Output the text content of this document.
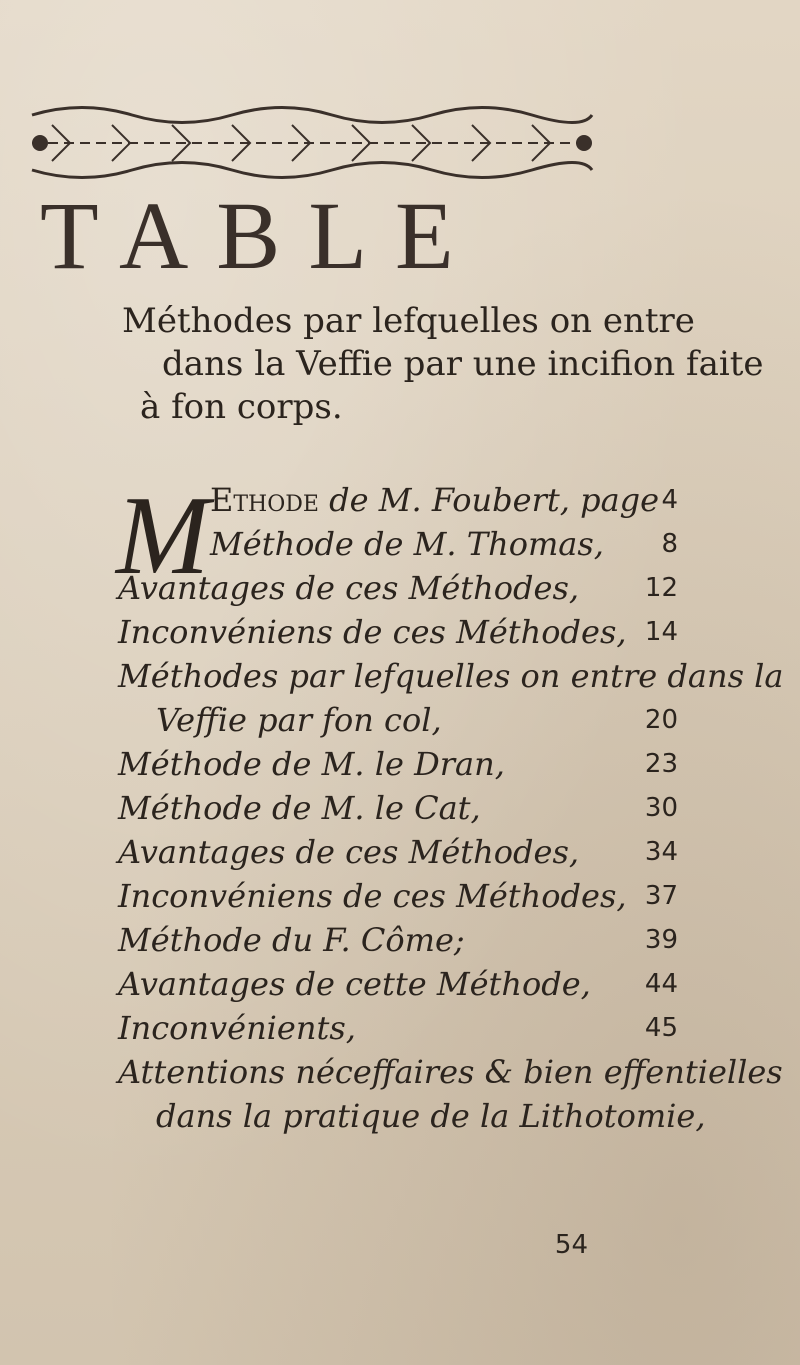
TABLE
Méthodes par lefquelles on entre
dans la Veffie par une incifion faite
à fon corps.
M Ethode de M. Foubert, page 4
Méthode de M. Thomas, 8
Avantages de ces Méthodes,	12
Inconvéniens de ces Méthodes, 14
Méthodes par lefquelles on entre dans la
Veffie par fon col,	20
Méthode de M. le Dran,	23
Méthode de M. le Cat,	30
Avantages de ces Méthodes,	34
Inconvéniens de ces Méthodes, 37
Méthode du F. Côme;	39
Avantages de cette Méthode, 44
Inconvénients,	45
Attentions néceffaires & bien effentielles
dans la pratique de la Lithotomie,
54
